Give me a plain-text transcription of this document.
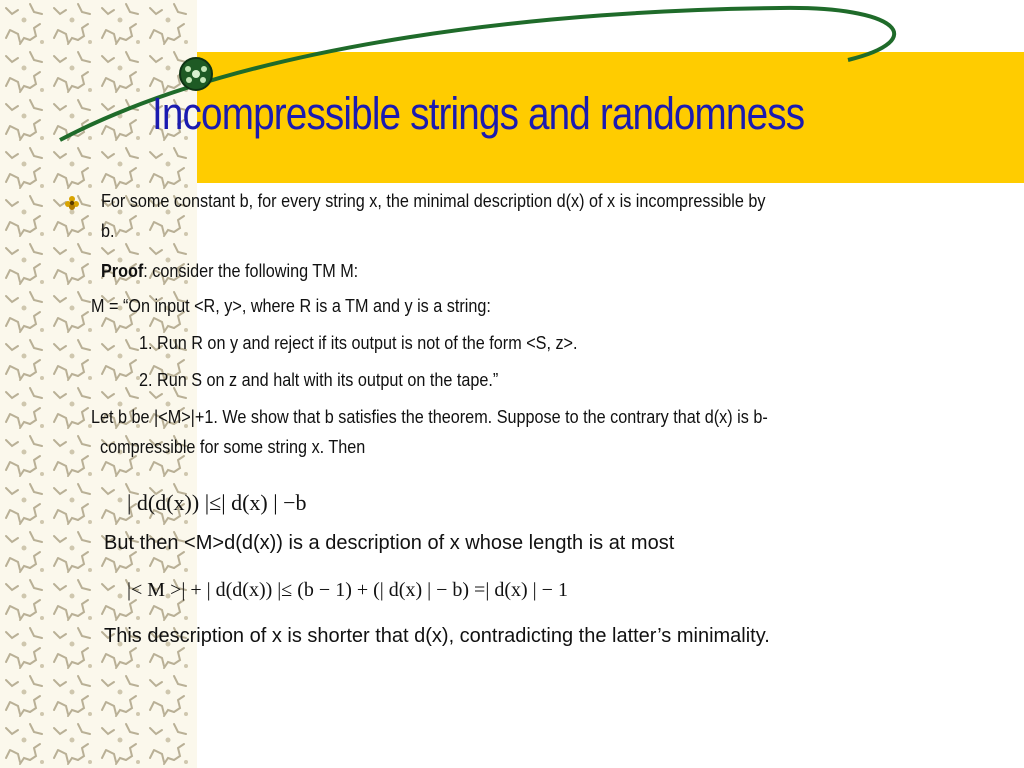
Incompressible strings and randomness
For some constant b, for every string x, the minimal description d(x) of x is incompressible by
b.
Proof: consider the following TM M:
M = “On input <R, y>, where R is a TM and y is a string:
1. Run R on y and reject if its output is not of the form <S, z>.
2. Run S on z and halt with its output on the tape.”
Let b be |<M>|+1. We show that b satisfies the theorem. Suppose to the contrary that d(x) is b-
compressible for some string x. Then
| d(d(x)) |≤| d(x) | −b
But then <M>d(d(x)) is a description of x whose length is at most
|< M >| + | d(d(x)) |≤ (b − 1) + (| d(x) | − b) =| d(x) | − 1
This description of x is shorter that d(x), contradicting the latter’s minimality.
